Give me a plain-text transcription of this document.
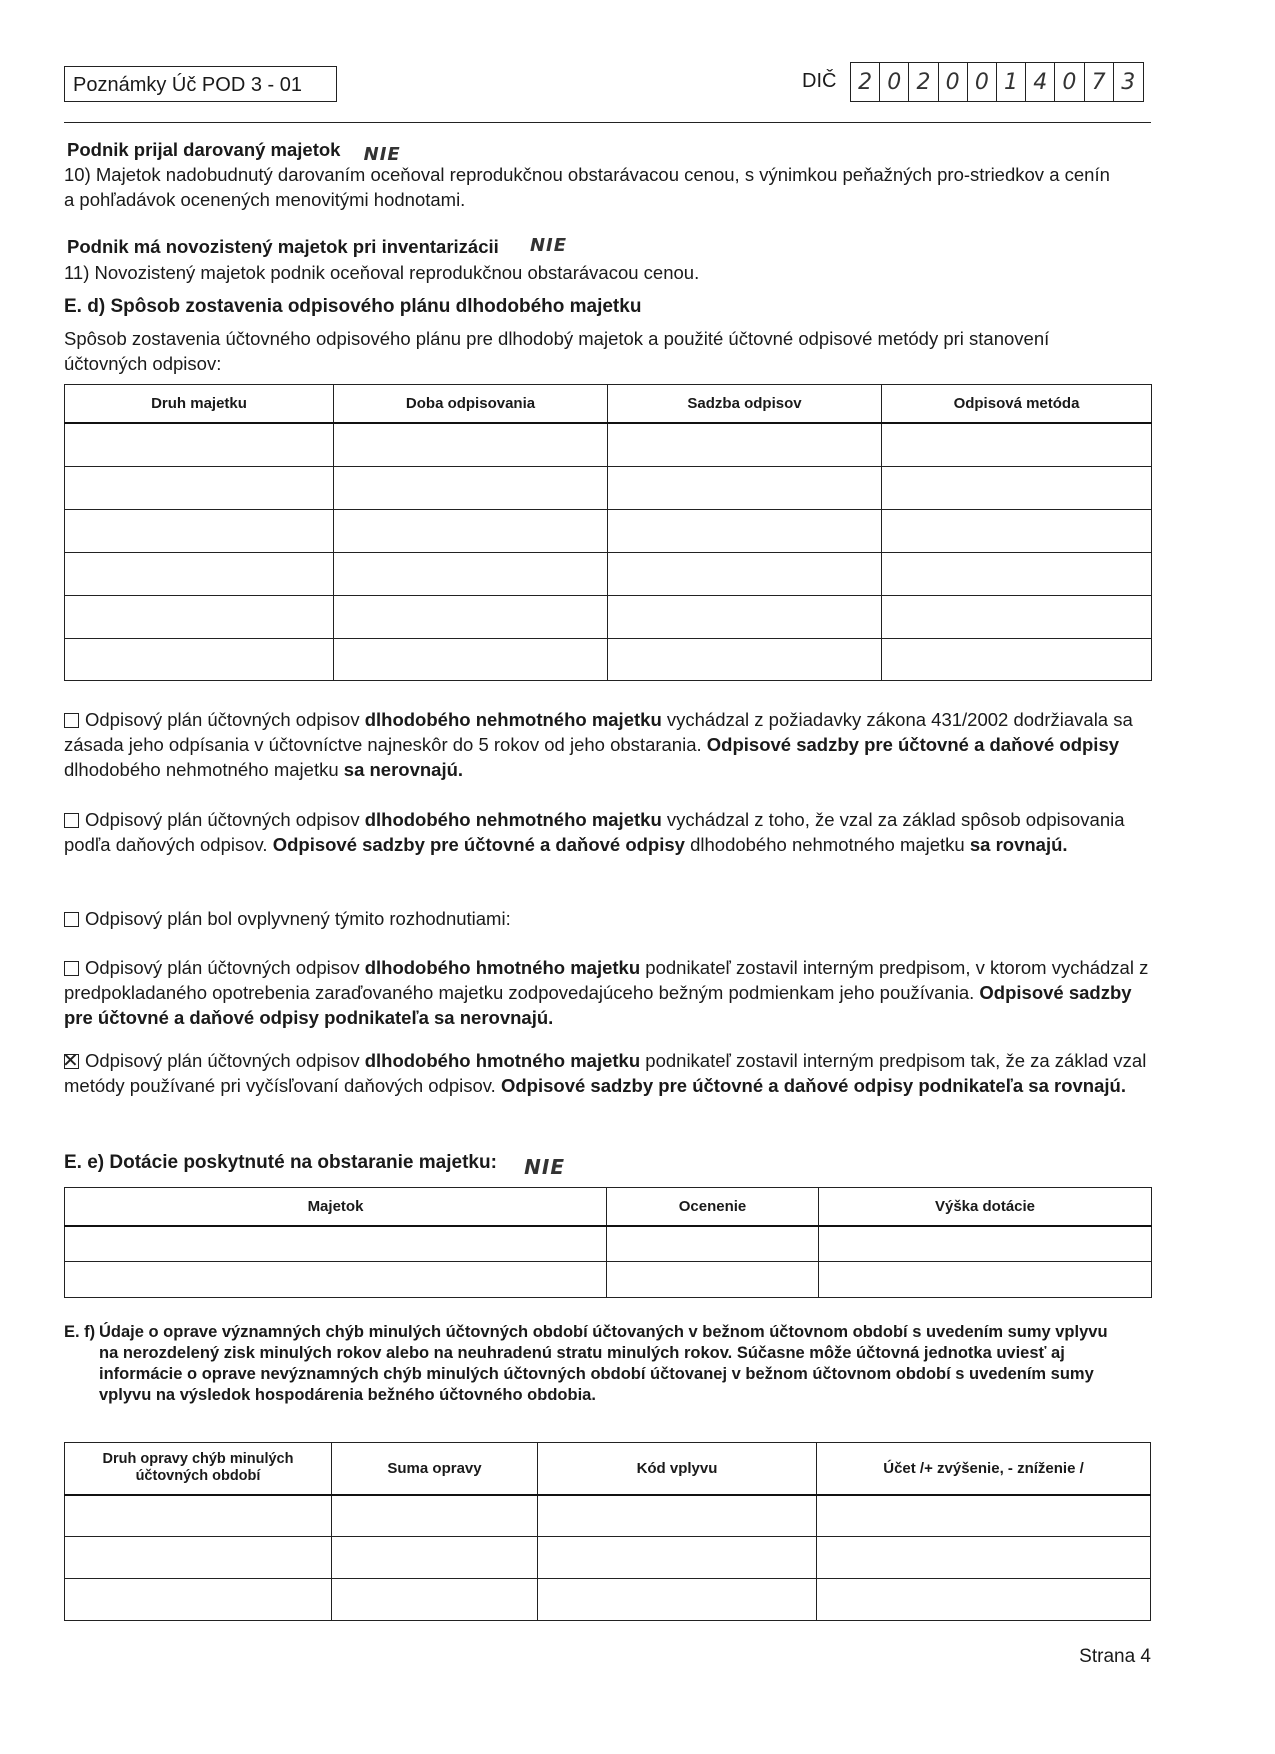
Poznámky Úč POD 3 - 01	DIČ 2 0 2 0 0 1 4 0 7 3
Podnik prijal darovaný majetok NIE
10) Majetok nadobudnutý darovaním oceňoval reprodukčnou obstarávacou cenou, s výnimkou peňažných pro-striedkov a cenín a pohľadávok ocenených menovitými hodnotami.
Podnik má novozistený majetok pri inventarizácii NIE
11) Novozistený majetok podnik oceňoval reprodukčnou obstarávacou cenou.
E. d) Spôsob zostavenia odpisového plánu dlhodobého majetku
Spôsob zostavenia účtovného odpisového plánu pre dlhodobý majetok a použité účtovné odpisové metódy pri stanovení účtovných odpisov:
Druh majetku	Doba odpisovania	Sadzba odpisov	Odpisová metóda

Odpisový plán účtovných odpisov dlhodobého nehmotného majetku vychádzal z požiadavky zákona 431/2002 dodržiavala sa zásada jeho odpísania v účtovníctve najneskôr do 5 rokov od jeho obstarania. Odpisové sadzby pre účtovné a daňové odpisy dlhodobého nehmotného majetku sa nerovnajú.
Odpisový plán účtovných odpisov dlhodobého nehmotného majetku vychádzal z toho, že vzal za základ spôsob odpisovania podľa daňových odpisov. Odpisové sadzby pre účtovné a daňové odpisy dlhodobého nehmotného majetku sa rovnajú.
Odpisový plán bol ovplyvnený týmito rozhodnutiami:
Odpisový plán účtovných odpisov dlhodobého hmotného majetku podnikateľ zostavil interným predpisom, v ktorom vychádzal z predpokladaného opotrebenia zaraďovaného majetku zodpovedajúceho bežným podmienkam jeho používania. Odpisové sadzby pre účtovné a daňové odpisy podnikateľa sa nerovnajú.
✕Odpisový plán účtovných odpisov dlhodobého hmotného majetku podnikateľ zostavil interným predpisom tak, že za základ vzal metódy používané pri vyčísľovaní daňových odpisov. Odpisové sadzby pre účtovné a daňové odpisy podnikateľa sa rovnajú.
E. e) Dotácie poskytnuté na obstaranie majetku: NIE
Majetok	Ocenenie	Výška dotácie

E. f) Údaje o oprave významných chýb minulých účtovných období účtovaných v bežnom účtovnom období s uvedením sumy vplyvu na nerozdelený zisk minulých rokov alebo na neuhradenú stratu minulých rokov. Súčasne môže účtovná jednotka uviesť aj informácie o oprave nevýznamných chýb minulých účtovných období účtovanej v bežnom účtovnom období s uvedením sumy vplyvu na výsledok hospodárenia bežného účtovného obdobia.
Druh opravy chýb minulých účtovných období	Suma opravy	Kód vplyvu	Účet /+ zvýšenie, - zníženie /

Strana 4
